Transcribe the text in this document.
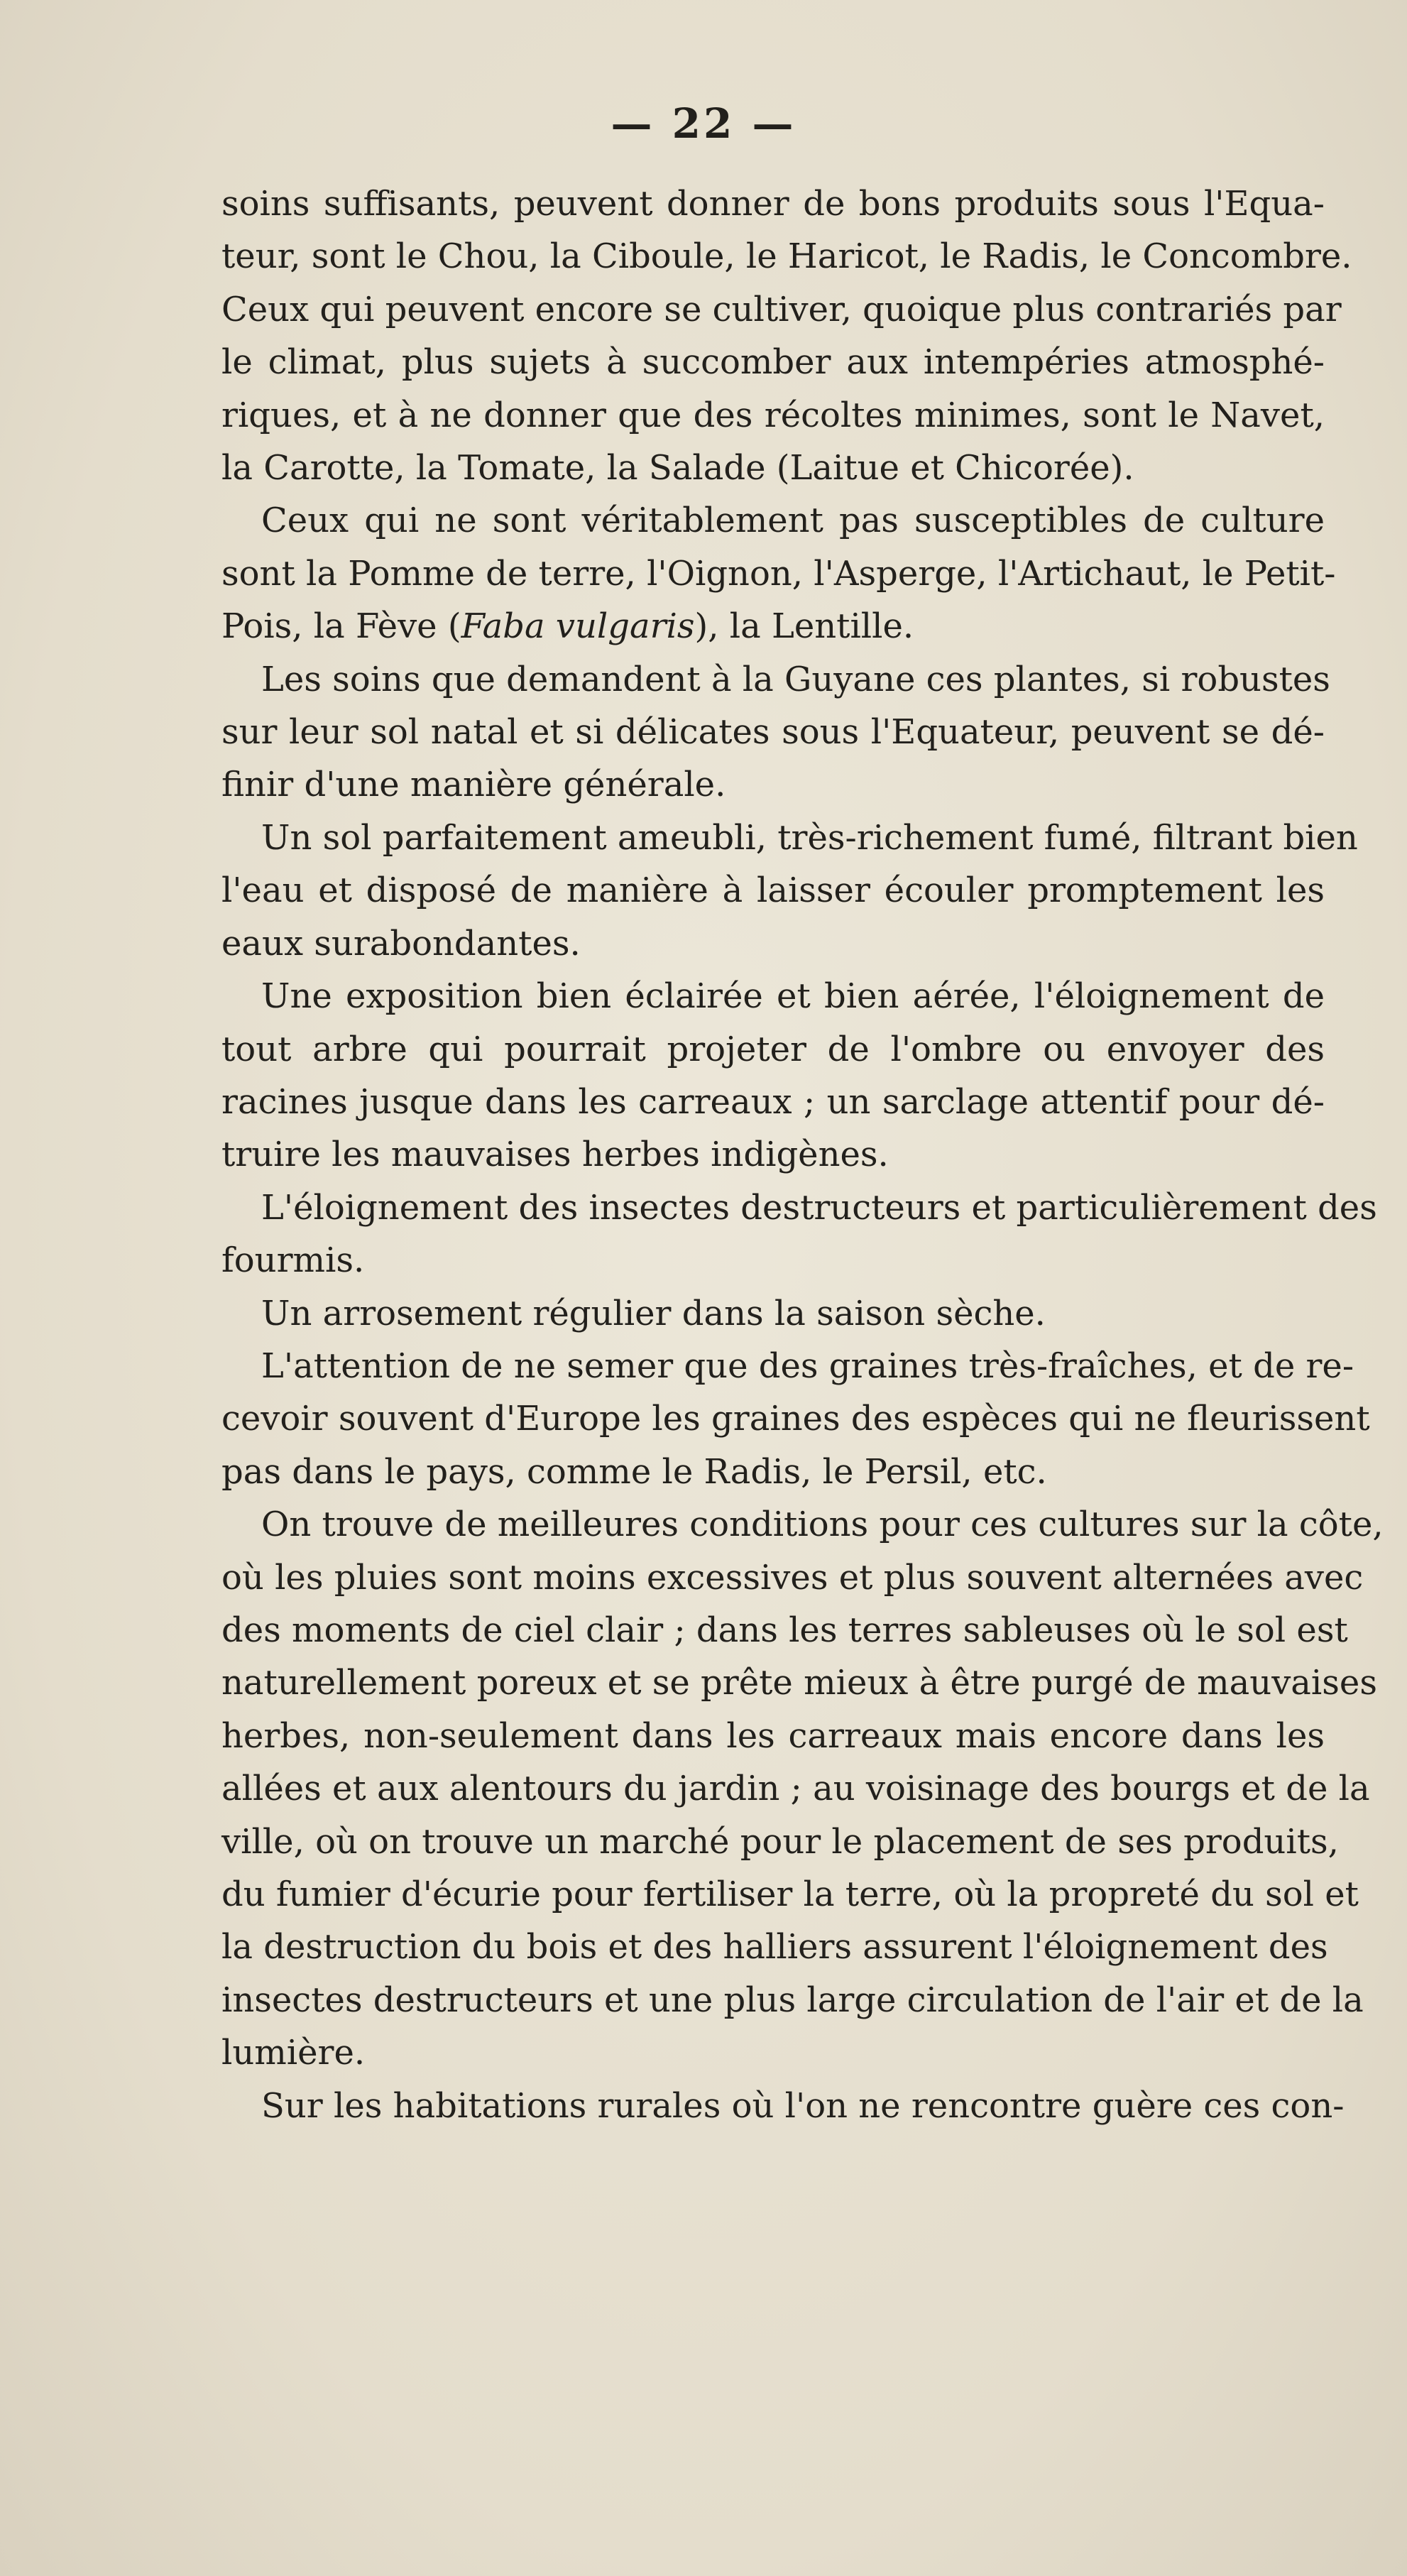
— 22 —
soins suffisants, peuvent donner de bons produits sous l'Equa-
teur, sont le Chou, la Ciboule, le Haricot, le Radis, le Concombre.
Ceux qui peuvent encore se cultiver, quoique plus contrariés par
le climat, plus sujets à succomber aux intempéries atmosphé-
riques, et à ne donner que des récoltes minimes, sont le Navet,
la Carotte, la Tomate, la Salade (Laitue et Chicorée).
Ceux qui ne sont véritablement pas susceptibles de culture
sont la Pomme de terre, l'Oignon, l'Asperge, l'Artichaut, le Petit-
Pois, la Fève (Faba vulgaris), la Lentille.
Les soins que demandent à la Guyane ces plantes, si robustes
sur leur sol natal et si délicates sous l'Equateur, peuvent se dé-
finir d'une manière générale.
Un sol parfaitement ameubli, très-richement fumé, filtrant bien
l'eau et disposé de manière à laisser écouler promptement les
eaux surabondantes.
Une exposition bien éclairée et bien aérée, l'éloignement de
tout arbre qui pourrait projeter de l'ombre ou envoyer des
racines jusque dans les carreaux ; un sarclage attentif pour dé-
truire les mauvaises herbes indigènes.
L'éloignement des insectes destructeurs et particulièrement des
fourmis.
Un arrosement régulier dans la saison sèche.
L'attention de ne semer que des graines très-fraîches, et de re-
cevoir souvent d'Europe les graines des espèces qui ne fleurissent
pas dans le pays, comme le Radis, le Persil, etc.
On trouve de meilleures conditions pour ces cultures sur la côte,
où les pluies sont moins excessives et plus souvent alternées avec
des moments de ciel clair ; dans les terres sableuses où le sol est
naturellement poreux et se prête mieux à être purgé de mauvaises
herbes, non-seulement dans les carreaux mais encore dans les
allées et aux alentours du jardin ; au voisinage des bourgs et de la
ville, où on trouve un marché pour le placement de ses produits,
du fumier d'écurie pour fertiliser la terre, où la propreté du sol et
la destruction du bois et des halliers assurent l'éloignement des
insectes destructeurs et une plus large circulation de l'air et de la
lumière.
Sur les habitations rurales où l'on ne rencontre guère ces con-
